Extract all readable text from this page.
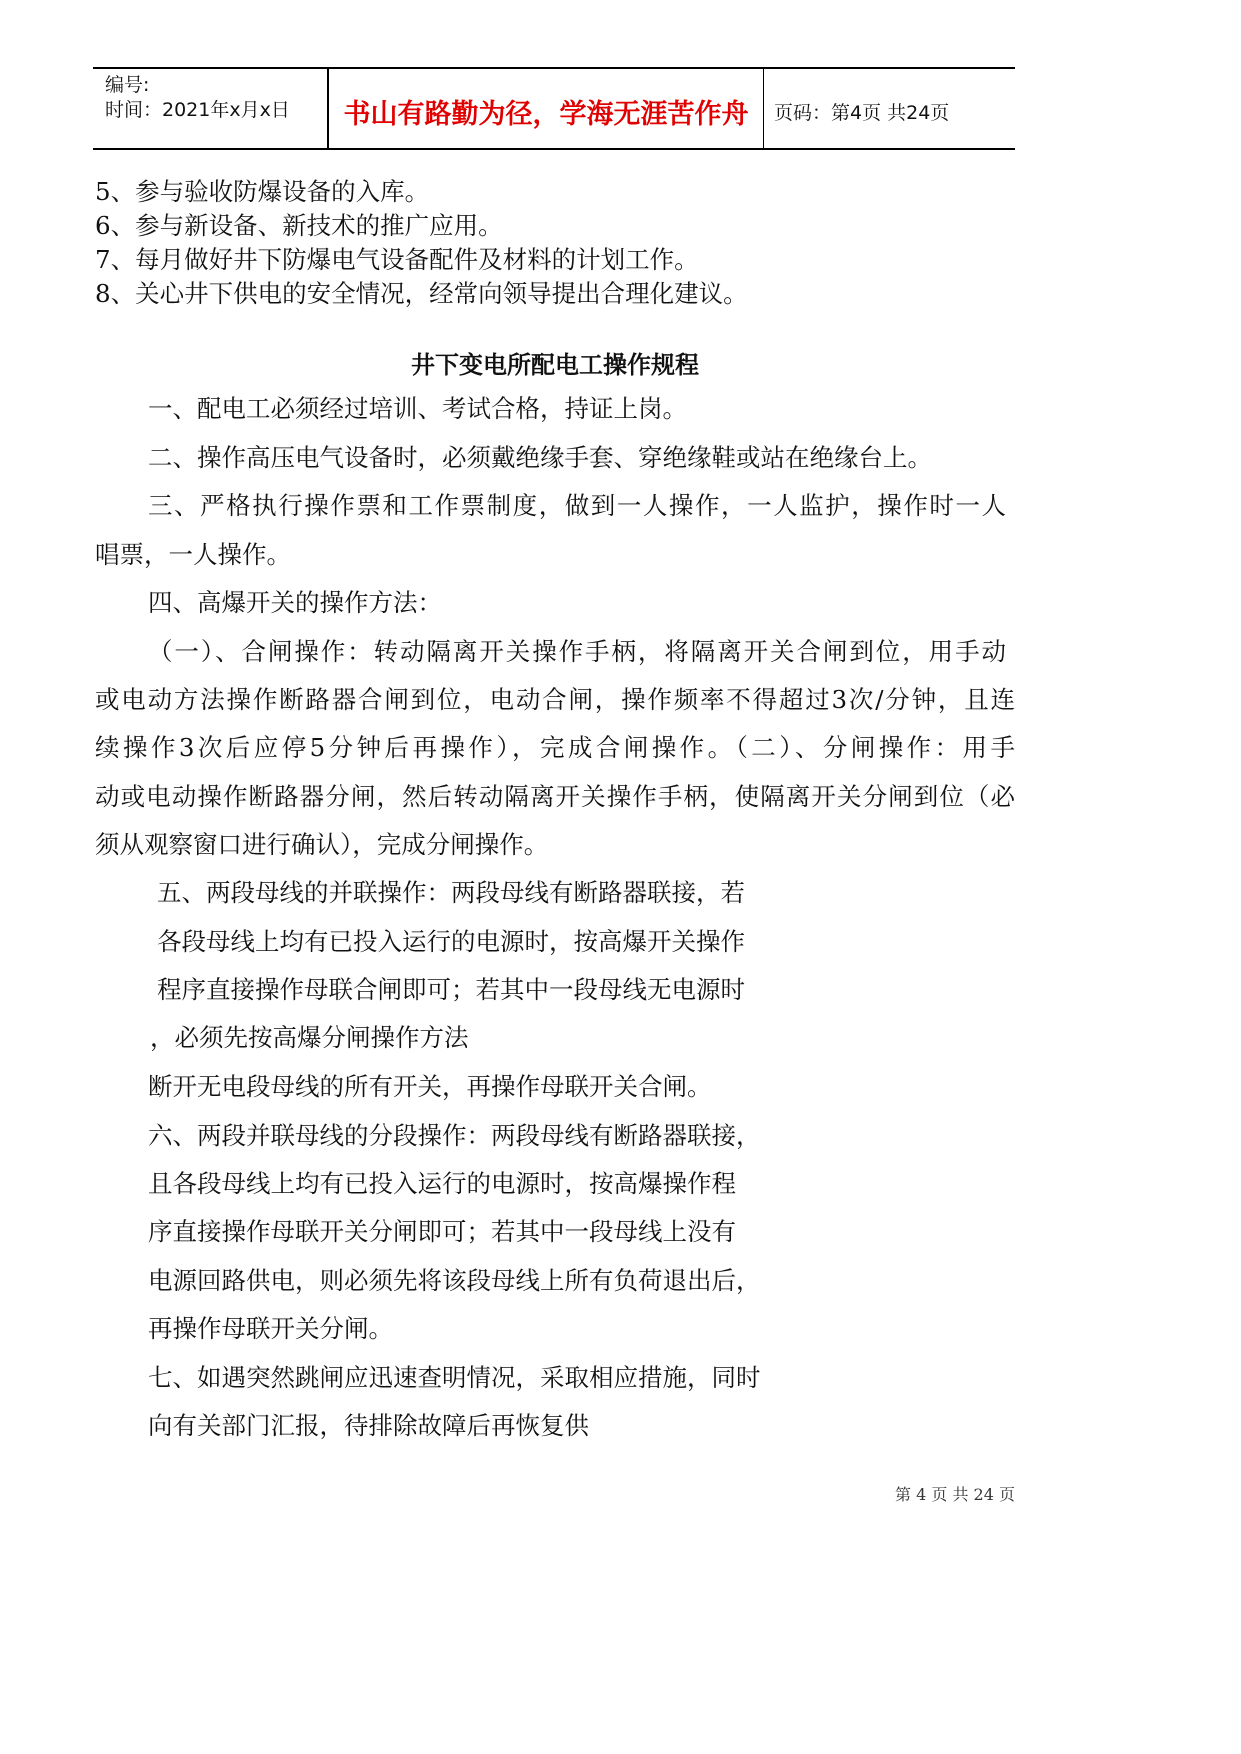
编号:
时间：2021年x月x日	书山有路勤为径，学海无涯苦作舟	页码：第4页 共24页
5、参与验收防爆设备的入库。
6、参与新设备、新技术的推广应用。
7、每月做好井下防爆电气设备配件及材料的计划工作。
8、关心井下供电的安全情况，经常向领导提出合理化建议。
井下变电所配电工操作规程
一、配电工必须经过培训、考试合格，持证上岗。
二、操作高压电气设备时，必须戴绝缘手套、穿绝缘鞋或站在绝缘台上。
三、严格执行操作票和工作票制度，做到一人操作，一人监护，操作时一人
唱票，一人操作。
四、高爆开关的操作方法：
（一）、合闸操作：转动隔离开关操作手柄，将隔离开关合闸到位，用手动
或电动方法操作断路器合闸到位，电动合闸，操作频率不得超过3次/分钟，且连
续操作3次后应停5分钟后再操作），完成合闸操作。（二）、分闸操作：用手
动或电动操作断路器分闸，然后转动隔离开关操作手柄，使隔离开关分闸到位（必
须从观察窗口进行确认），完成分闸操作。
五、两段母线的并联操作：两段母线有断路器联接，若
各段母线上均有已投入运行的电源时，按高爆开关操作
程序直接操作母联合闸即可；若其中一段母线无电源时
，必须先按高爆分闸操作方法
断开无电段母线的所有开关，再操作母联开关合闸。
六、两段并联母线的分段操作：两段母线有断路器联接，
且各段母线上均有已投入运行的电源时，按高爆操作程
序直接操作母联开关分闸即可；若其中一段母线上没有
电源回路供电，则必须先将该段母线上所有负荷退出后，
再操作母联开关分闸。
七、如遇突然跳闸应迅速查明情况，采取相应措施，同时
向有关部门汇报，待排除故障后再恢复供
第 4 页 共 24 页
